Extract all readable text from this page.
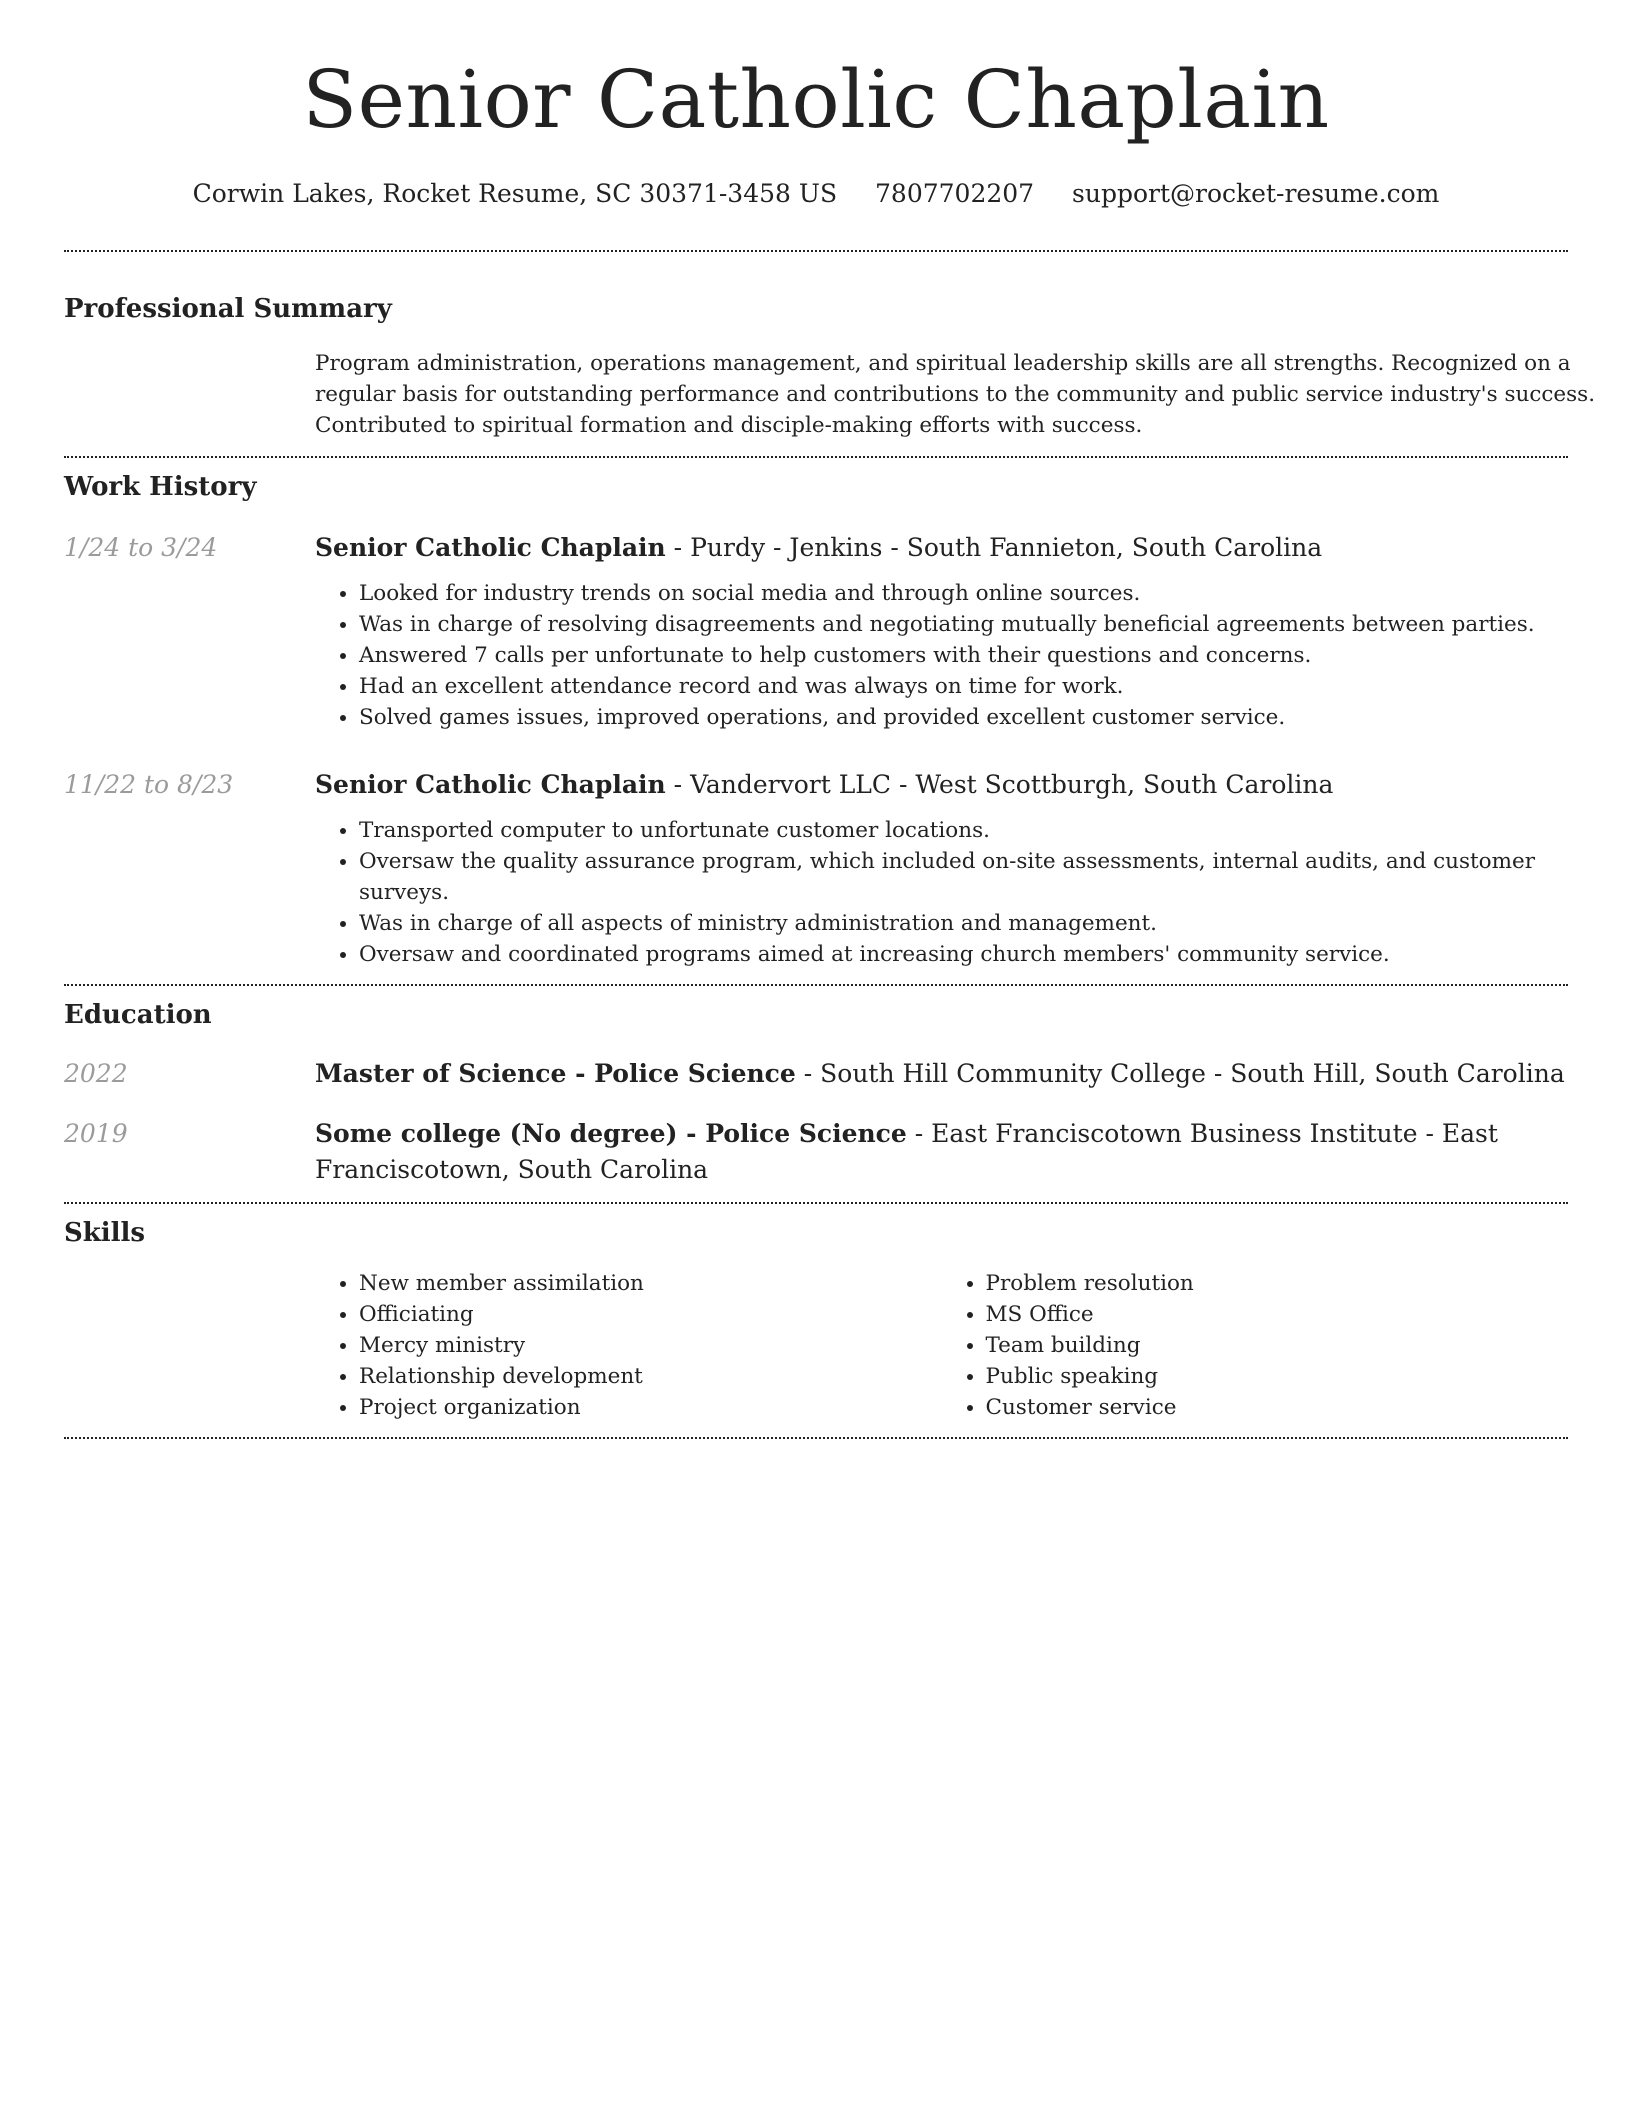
Senior Catholic Chaplain
Corwin Lakes, Rocket Resume, SC 30371-3458 US 7807702207 support@rocket-resume.com
Professional Summary
Program administration, operations management, and spiritual leadership skills are all strengths. Recognized on a regular basis for outstanding performance and contributions to the community and public service industry's success. Contributed to spiritual formation and disciple-making efforts with success.
Work History
1/24 to 3/24	Senior Catholic Chaplain - Purdy - Jenkins - South Fannieton, South Carolina
• Looked for industry trends on social media and through online sources.
• Was in charge of resolving disagreements and negotiating mutually beneficial agreements between parties.
• Answered 7 calls per unfortunate to help customers with their questions and concerns.
• Had an excellent attendance record and was always on time for work.
• Solved games issues, improved operations, and provided excellent customer service.
11/22 to 8/23	Senior Catholic Chaplain - Vandervort LLC - West Scottburgh, South Carolina
• Transported computer to unfortunate customer locations.
• Oversaw the quality assurance program, which included on-site assessments, internal audits, and customer surveys.
• Was in charge of all aspects of ministry administration and management.
• Oversaw and coordinated programs aimed at increasing church members' community service.
Education
2022	Master of Science - Police Science - South Hill Community College - South Hill, South Carolina
2019	Some college (No degree) - Police Science - East Franciscotown Business Institute - East Franciscotown, South Carolina
Skills
• New member assimilation
• Officiating
• Mercy ministry
• Relationship development
• Project organization
• Problem resolution
• MS Office
• Team building
• Public speaking
• Customer service
